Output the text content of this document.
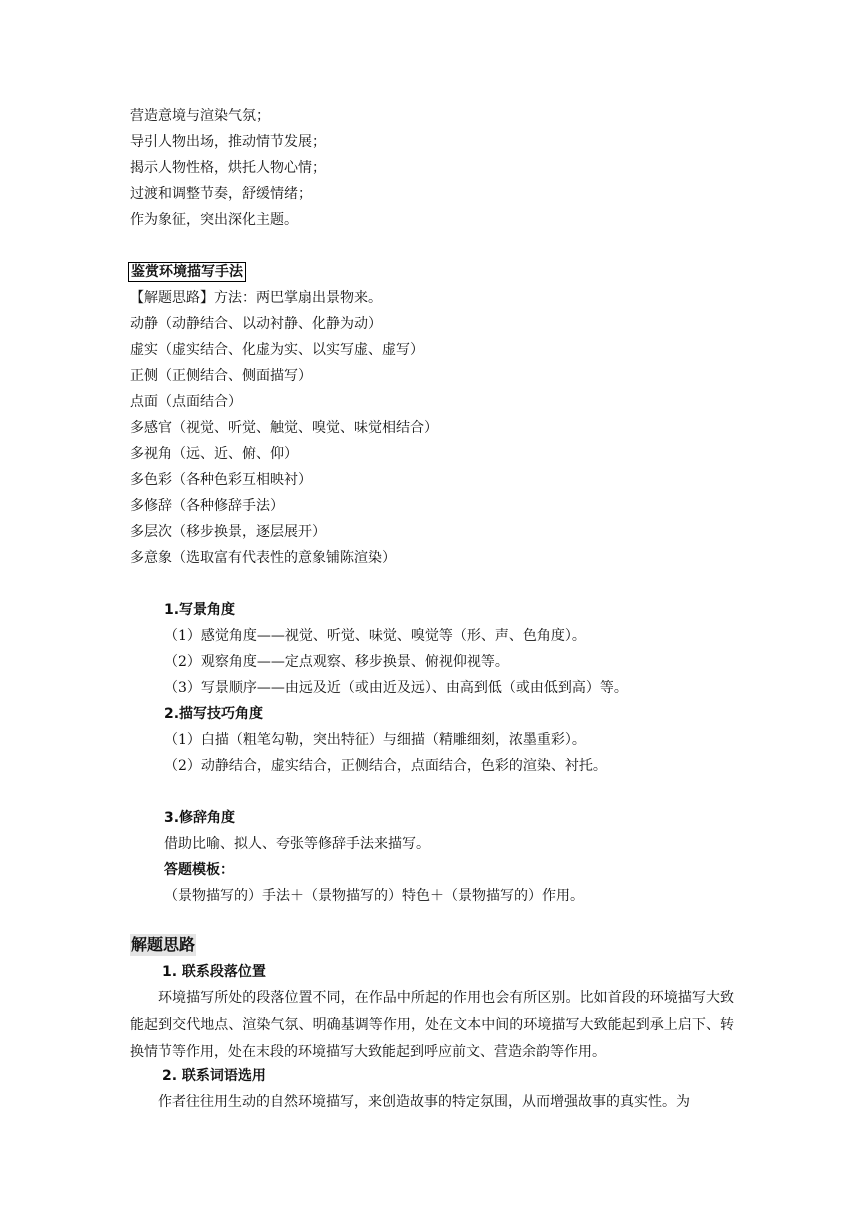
营造意境与渲染气氛；
导引人物出场，推动情节发展；
揭示人物性格，烘托人物心情；
过渡和调整节奏，舒缓情绪；
作为象征，突出深化主题。
鉴赏环境描写手法
【解题思路】方法：两巴掌扇出景物来。
动静（动静结合、以动衬静、化静为动）
虚实（虚实结合、化虚为实、以实写虚、虚写）
正侧（正侧结合、侧面描写）
点面（点面结合）
多感官（视觉、听觉、触觉、嗅觉、味觉相结合）
多视角（远、近、俯、仰）
多色彩（各种色彩互相映衬）
多修辞（各种修辞手法）
多层次（移步换景，逐层展开）
多意象（选取富有代表性的意象铺陈渲染）
1.写景角度
（1）感觉角度——视觉、听觉、味觉、嗅觉等（形、声、色角度）。
（2）观察角度——定点观察、移步换景、俯视仰视等。
（3）写景顺序——由远及近（或由近及远）、由高到低（或由低到高）等。
2.描写技巧角度
（1）白描（粗笔勾勒，突出特征）与细描（精雕细刻，浓墨重彩）。
（2）动静结合，虚实结合，正侧结合，点面结合，色彩的渲染、衬托。
3.修辞角度
借助比喻、拟人、夸张等修辞手法来描写。
答题模板：
（景物描写的）手法＋（景物描写的）特色＋（景物描写的）作用。
解题思路
1. 联系段落位置
环境描写所处的段落位置不同，在作品中所起的作用也会有所区别。比如首段的环境描写大致能起到交代地点、渲染气氛、明确基调等作用，处在文本中间的环境描写大致能起到承上启下、转换情节等作用，处在末段的环境描写大致能起到呼应前文、营造余韵等作用。
2. 联系词语选用
作者往往用生动的自然环境描写，来创造故事的特定氛围，从而增强故事的真实性。为
